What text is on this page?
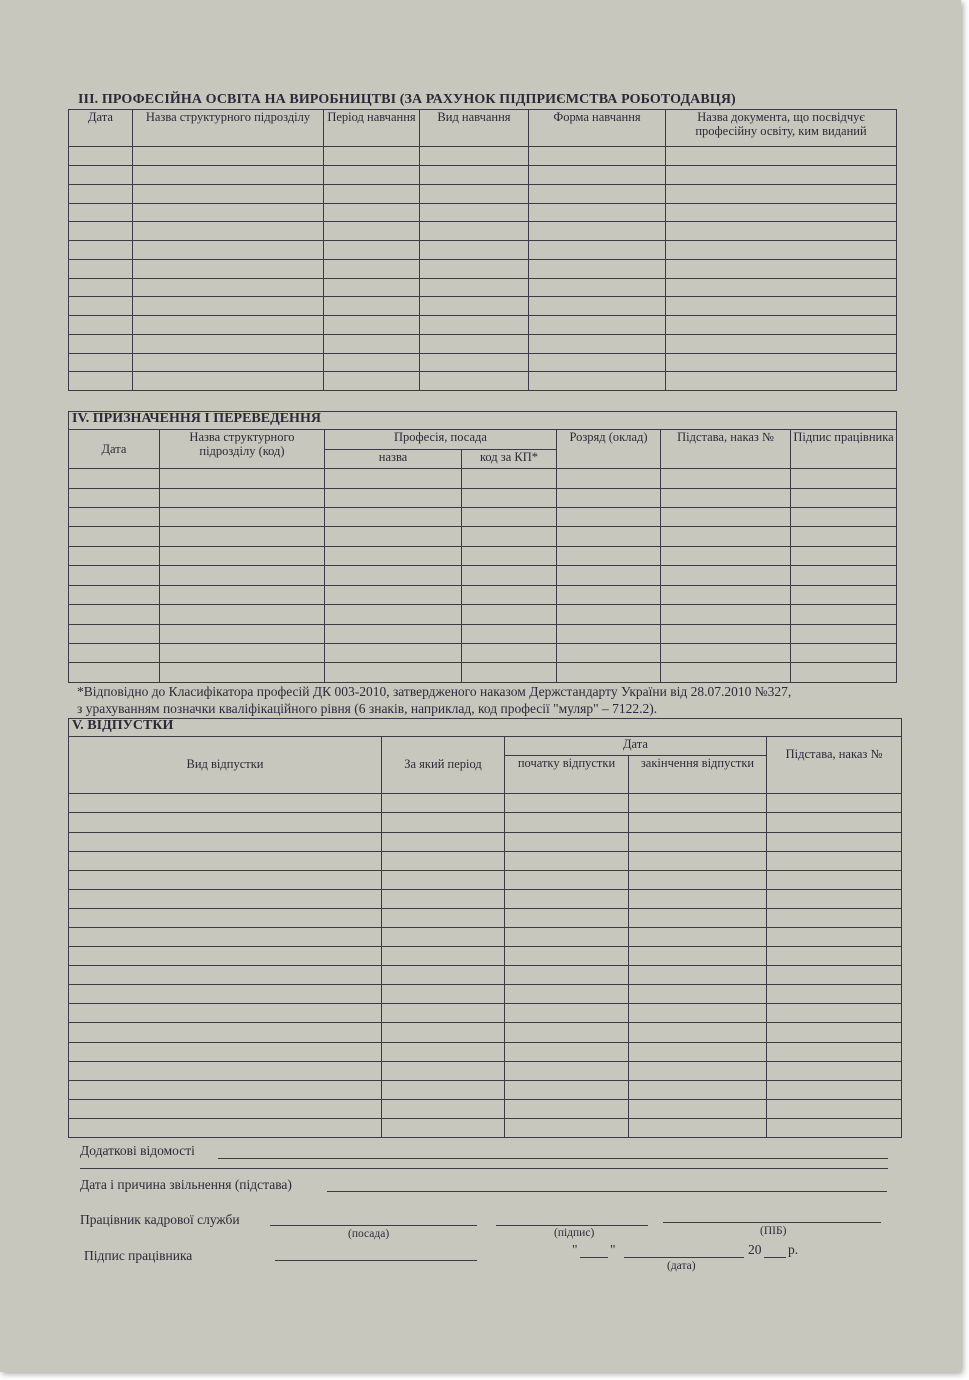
ІІІ. ПРОФЕСІЙНА ОСВІТА НА ВИРОБНИЦТВІ (ЗА РАХУНОК ПІДПРИЄМСТВА РОБОТОДАВЦЯ)
Дата	Назва структурного підрозділу	Період навчання	Вид навчання	Форма навчання	Назва документа, що посвідчує професійну освіту, ким виданий

IV. ПРИЗНАЧЕННЯ І ПЕРЕВЕДЕННЯ						
Дата	Назва структурного підрозділу (код)	Професія, посада		Розряд (оклад)	Підстава, наказ №	Підпис працівника
		назва	код за КП*			

*Відповідно до Класифікатора професій ДК 003-2010, затвердженого наказом Держстандарту України від 28.07.2010 №327,
з урахуванням позначки кваліфікаційного рівня (6 знаків, наприклад, код професії "муляр" – 7122.2).
V. ВІДПУСТКИ				
Вид відпустки	За який період	Дата		Підстава, наказ №
		початку відпустки	закінчення відпустки	

Додаткові відомості
Дата і причина звільнення (підстава)
Працівник кадрової служби
(посада)	(підпис)	(ПІБ)
Підпис працівника	" "	20 р.
(дата)
